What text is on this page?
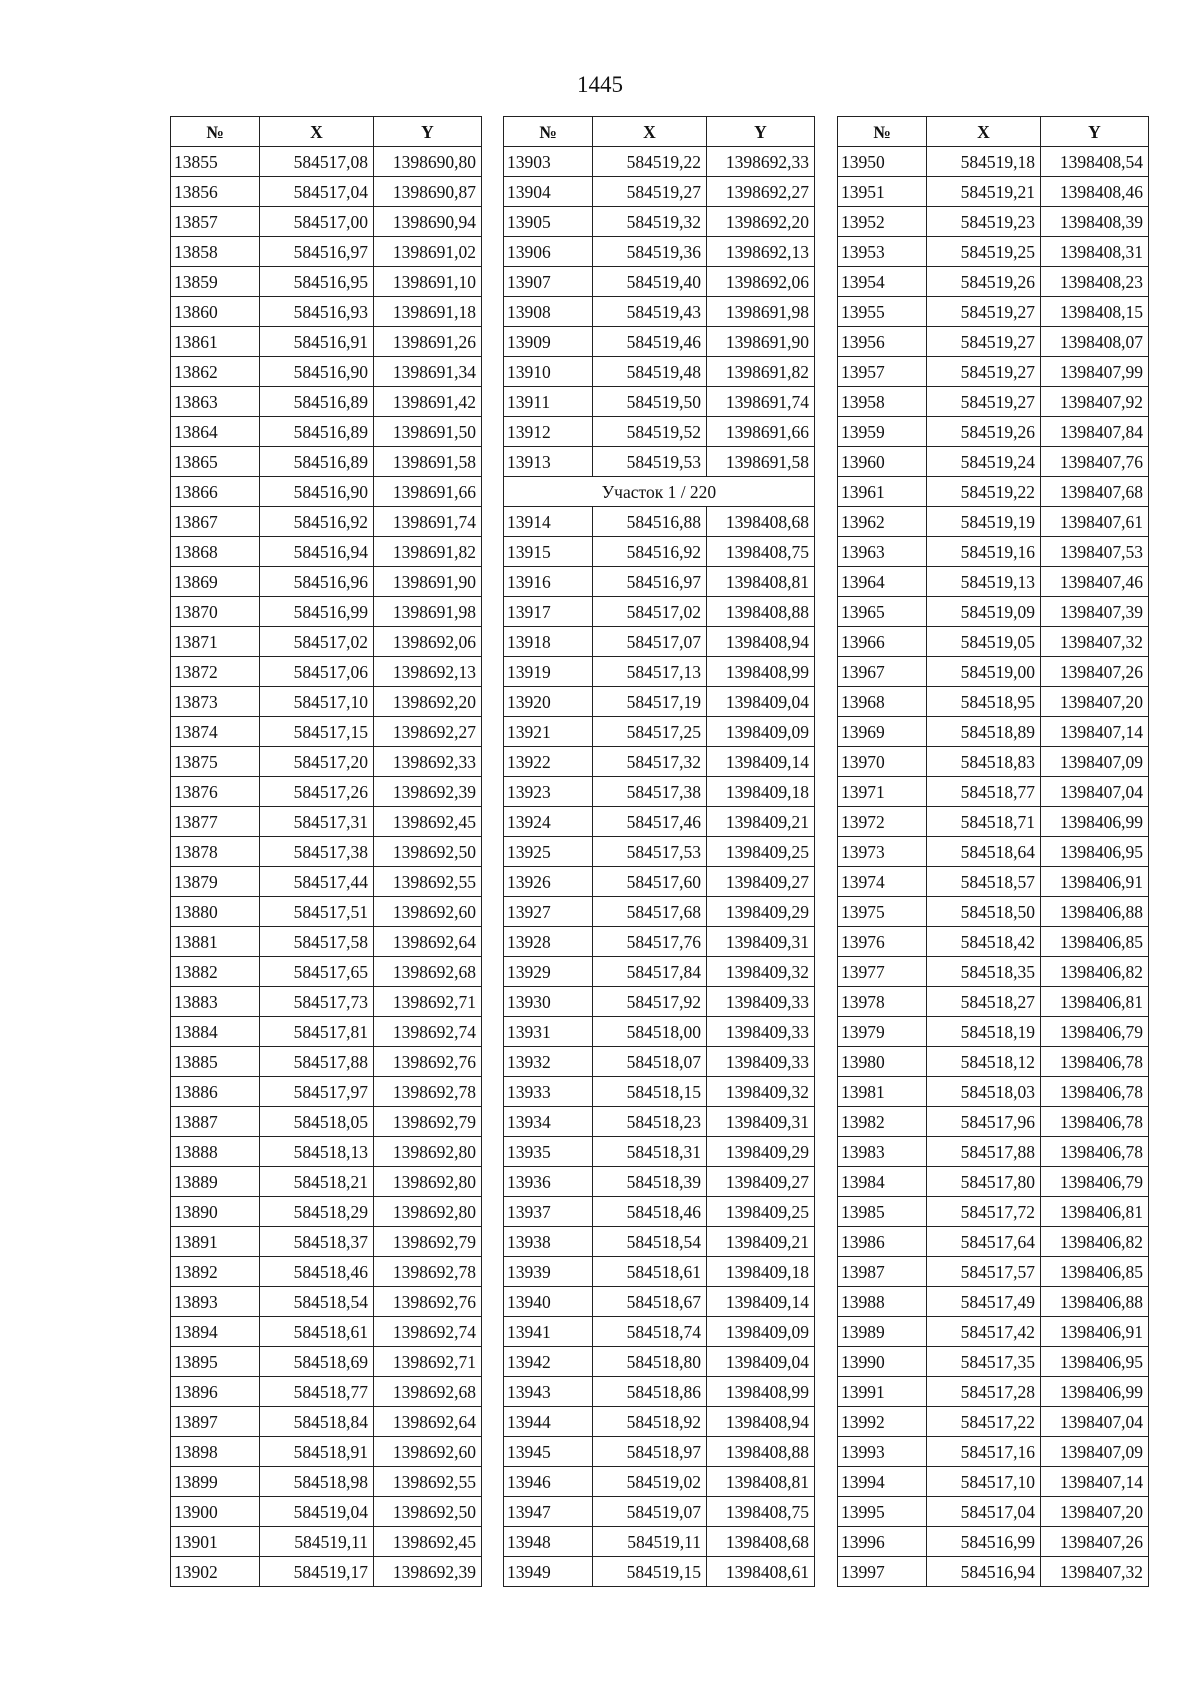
1445
№	X	Y
13855	584517,08	1398690,80
13856	584517,04	1398690,87
13857	584517,00	1398690,94
13858	584516,97	1398691,02
13859	584516,95	1398691,10
13860	584516,93	1398691,18
13861	584516,91	1398691,26
13862	584516,90	1398691,34
13863	584516,89	1398691,42
13864	584516,89	1398691,50
13865	584516,89	1398691,58
13866	584516,90	1398691,66
13867	584516,92	1398691,74
13868	584516,94	1398691,82
13869	584516,96	1398691,90
13870	584516,99	1398691,98
13871	584517,02	1398692,06
13872	584517,06	1398692,13
13873	584517,10	1398692,20
13874	584517,15	1398692,27
13875	584517,20	1398692,33
13876	584517,26	1398692,39
13877	584517,31	1398692,45
13878	584517,38	1398692,50
13879	584517,44	1398692,55
13880	584517,51	1398692,60
13881	584517,58	1398692,64
13882	584517,65	1398692,68
13883	584517,73	1398692,71
13884	584517,81	1398692,74
13885	584517,88	1398692,76
13886	584517,97	1398692,78
13887	584518,05	1398692,79
13888	584518,13	1398692,80
13889	584518,21	1398692,80
13890	584518,29	1398692,80
13891	584518,37	1398692,79
13892	584518,46	1398692,78
13893	584518,54	1398692,76
13894	584518,61	1398692,74
13895	584518,69	1398692,71
13896	584518,77	1398692,68
13897	584518,84	1398692,64
13898	584518,91	1398692,60
13899	584518,98	1398692,55
13900	584519,04	1398692,50
13901	584519,11	1398692,45
13902	584519,17	1398692,39
№	X	Y
13903	584519,22	1398692,33
13904	584519,27	1398692,27
13905	584519,32	1398692,20
13906	584519,36	1398692,13
13907	584519,40	1398692,06
13908	584519,43	1398691,98
13909	584519,46	1398691,90
13910	584519,48	1398691,82
13911	584519,50	1398691,74
13912	584519,52	1398691,66
13913	584519,53	1398691,58
Участок 1 / 220		
13914	584516,88	1398408,68
13915	584516,92	1398408,75
13916	584516,97	1398408,81
13917	584517,02	1398408,88
13918	584517,07	1398408,94
13919	584517,13	1398408,99
13920	584517,19	1398409,04
13921	584517,25	1398409,09
13922	584517,32	1398409,14
13923	584517,38	1398409,18
13924	584517,46	1398409,21
13925	584517,53	1398409,25
13926	584517,60	1398409,27
13927	584517,68	1398409,29
13928	584517,76	1398409,31
13929	584517,84	1398409,32
13930	584517,92	1398409,33
13931	584518,00	1398409,33
13932	584518,07	1398409,33
13933	584518,15	1398409,32
13934	584518,23	1398409,31
13935	584518,31	1398409,29
13936	584518,39	1398409,27
13937	584518,46	1398409,25
13938	584518,54	1398409,21
13939	584518,61	1398409,18
13940	584518,67	1398409,14
13941	584518,74	1398409,09
13942	584518,80	1398409,04
13943	584518,86	1398408,99
13944	584518,92	1398408,94
13945	584518,97	1398408,88
13946	584519,02	1398408,81
13947	584519,07	1398408,75
13948	584519,11	1398408,68
13949	584519,15	1398408,61
№	X	Y
13950	584519,18	1398408,54
13951	584519,21	1398408,46
13952	584519,23	1398408,39
13953	584519,25	1398408,31
13954	584519,26	1398408,23
13955	584519,27	1398408,15
13956	584519,27	1398408,07
13957	584519,27	1398407,99
13958	584519,27	1398407,92
13959	584519,26	1398407,84
13960	584519,24	1398407,76
13961	584519,22	1398407,68
13962	584519,19	1398407,61
13963	584519,16	1398407,53
13964	584519,13	1398407,46
13965	584519,09	1398407,39
13966	584519,05	1398407,32
13967	584519,00	1398407,26
13968	584518,95	1398407,20
13969	584518,89	1398407,14
13970	584518,83	1398407,09
13971	584518,77	1398407,04
13972	584518,71	1398406,99
13973	584518,64	1398406,95
13974	584518,57	1398406,91
13975	584518,50	1398406,88
13976	584518,42	1398406,85
13977	584518,35	1398406,82
13978	584518,27	1398406,81
13979	584518,19	1398406,79
13980	584518,12	1398406,78
13981	584518,03	1398406,78
13982	584517,96	1398406,78
13983	584517,88	1398406,78
13984	584517,80	1398406,79
13985	584517,72	1398406,81
13986	584517,64	1398406,82
13987	584517,57	1398406,85
13988	584517,49	1398406,88
13989	584517,42	1398406,91
13990	584517,35	1398406,95
13991	584517,28	1398406,99
13992	584517,22	1398407,04
13993	584517,16	1398407,09
13994	584517,10	1398407,14
13995	584517,04	1398407,20
13996	584516,99	1398407,26
13997	584516,94	1398407,32
